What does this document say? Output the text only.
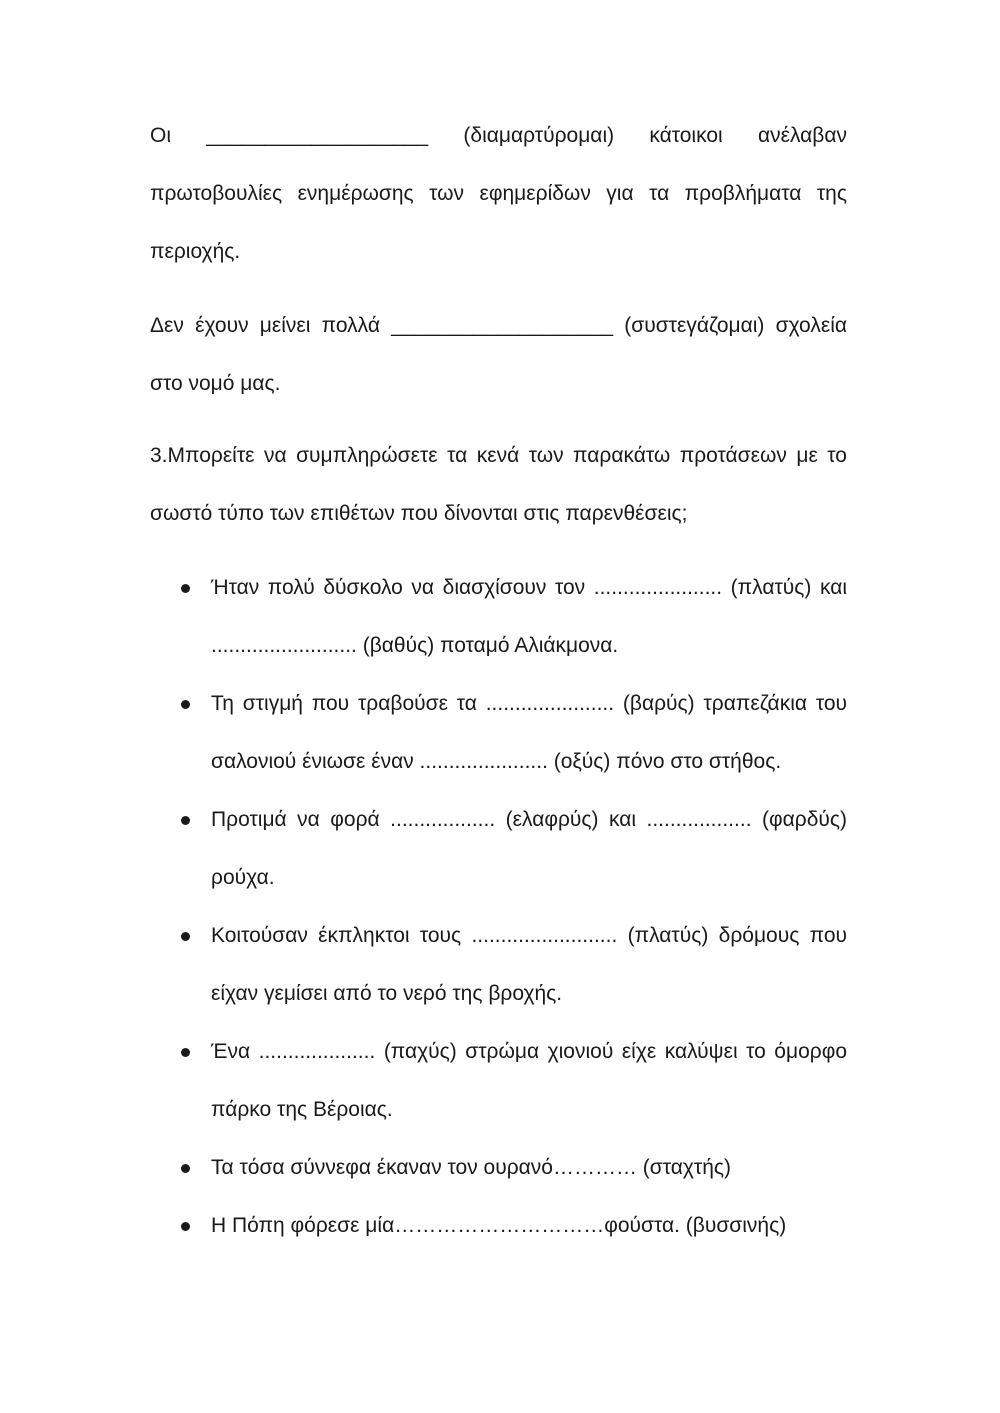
Οι ___________________ (διαμαρτύρομαι) κάτοικοι ανέλαβαν πρωτοβουλίες ενημέρωσης των εφημερίδων για τα προβλήματα της περιοχής.

Δεν έχουν μείνει πολλά ___________________ (συστεγάζομαι) σχολεία στο νομό μας.

3.Μπορείτε να συμπληρώσετε τα κενά των παρακάτω προτάσεων με το σωστό τύπο των επιθέτων που δίνονται στις παρενθέσεις;

Ήταν πολύ δύσκολο να διασχίσουν τον ...................... (πλατύς) και ......................... (βαθύς) ποταμό Αλιάκμονα.
Τη στιγμή που τραβούσε τα ...................... (βαρύς) τραπεζάκια του σαλονιού ένιωσε έναν ...................... (οξύς) πόνο στο στήθος.
Προτιμά να φορά .................. (ελαφρύς) και .................. (φαρδύς) ρούχα.
Κοιτούσαν έκπληκτοι τους ......................... (πλατύς) δρόμους που είχαν γεμίσει από το νερό της βροχής.
Ένα .................... (παχύς) στρώμα χιονιού είχε καλύψει το όμορφο πάρκο της Βέροιας.
Τα τόσα σύννεφα έκαναν τον ουρανό………… (σταχτής)
Η Πόπη φόρεσε μία…………………………φούστα. (βυσσινής)
